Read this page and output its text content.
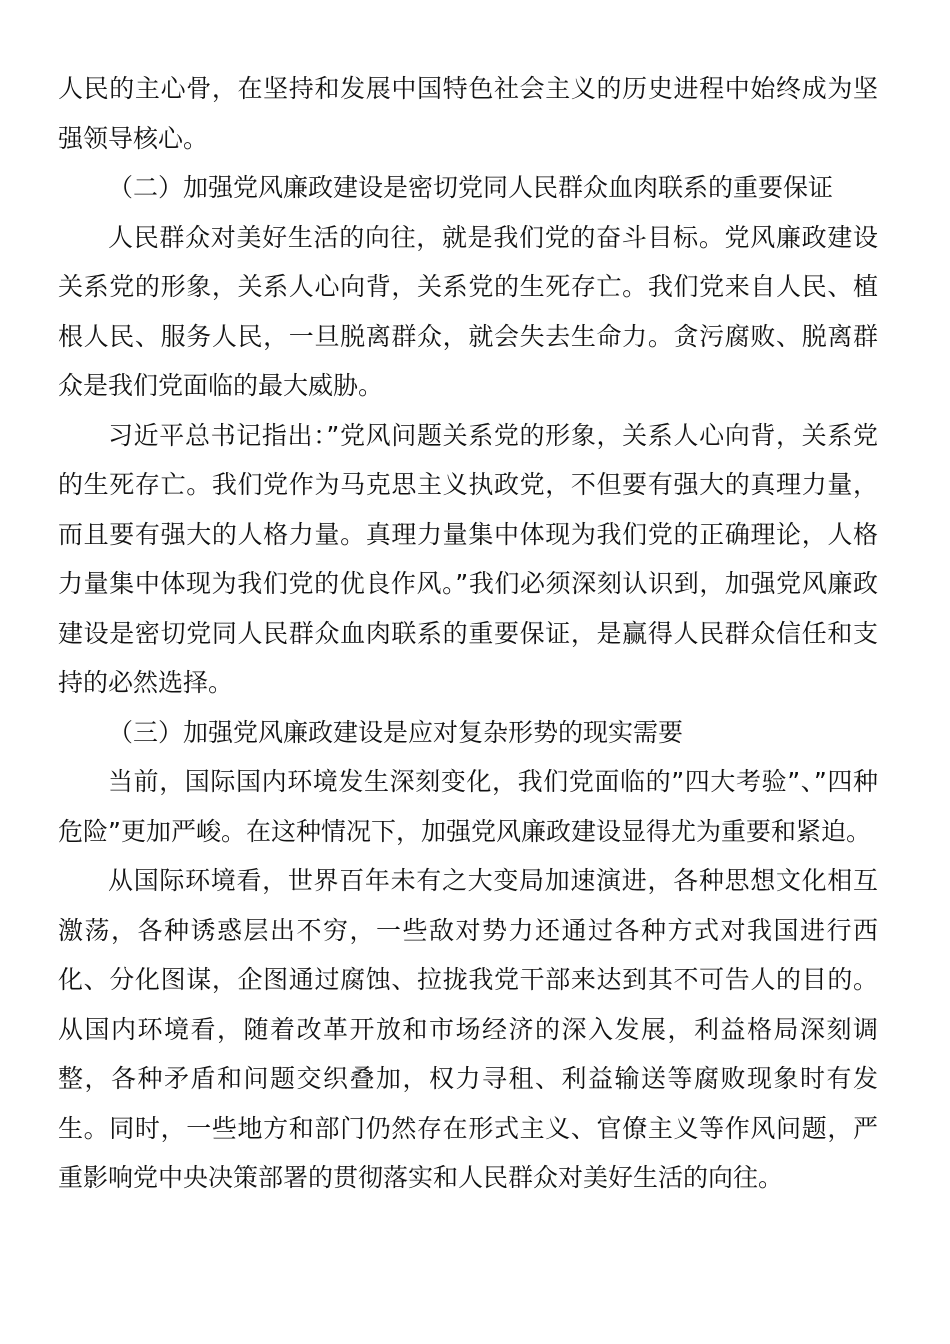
人民的主心骨，在坚持和发展中国特色社会主义的历史进程中始终成为坚强领导核心。

（二）加强党风廉政建设是密切党同人民群众血肉联系的重要保证

人民群众对美好生活的向往，就是我们党的奋斗目标。党风廉政建设关系党的形象，关系人心向背，关系党的生死存亡。我们党来自人民、植根人民、服务人民，一旦脱离群众，就会失去生命力。贪污腐败、脱离群众是我们党面临的最大威胁。

习近平总书记指出：”党风问题关系党的形象，关系人心向背，关系党的生死存亡。我们党作为马克思主义执政党，不但要有强大的真理力量，而且要有强大的人格力量。真理力量集中体现为我们党的正确理论，人格力量集中体现为我们党的优良作风。”我们必须深刻认识到，加强党风廉政建设是密切党同人民群众血肉联系的重要保证，是赢得人民群众信任和支持的必然选择。

（三）加强党风廉政建设是应对复杂形势的现实需要

当前，国际国内环境发生深刻变化，我们党面临的”四大考验”、”四种危险”更加严峻。在这种情况下，加强党风廉政建设显得尤为重要和紧迫。

从国际环境看，世界百年未有之大变局加速演进，各种思想文化相互激荡，各种诱惑层出不穷，一些敌对势力还通过各种方式对我国进行西化、分化图谋，企图通过腐蚀、拉拢我党干部来达到其不可告人的目的。从国内环境看，随着改革开放和市场经济的深入发展，利益格局深刻调整，各种矛盾和问题交织叠加，权力寻租、利益输送等腐败现象时有发生。同时，一些地方和部门仍然存在形式主义、官僚主义等作风问题，严重影响党中央决策部署的贯彻落实和人民群众对美好生活的向往。
